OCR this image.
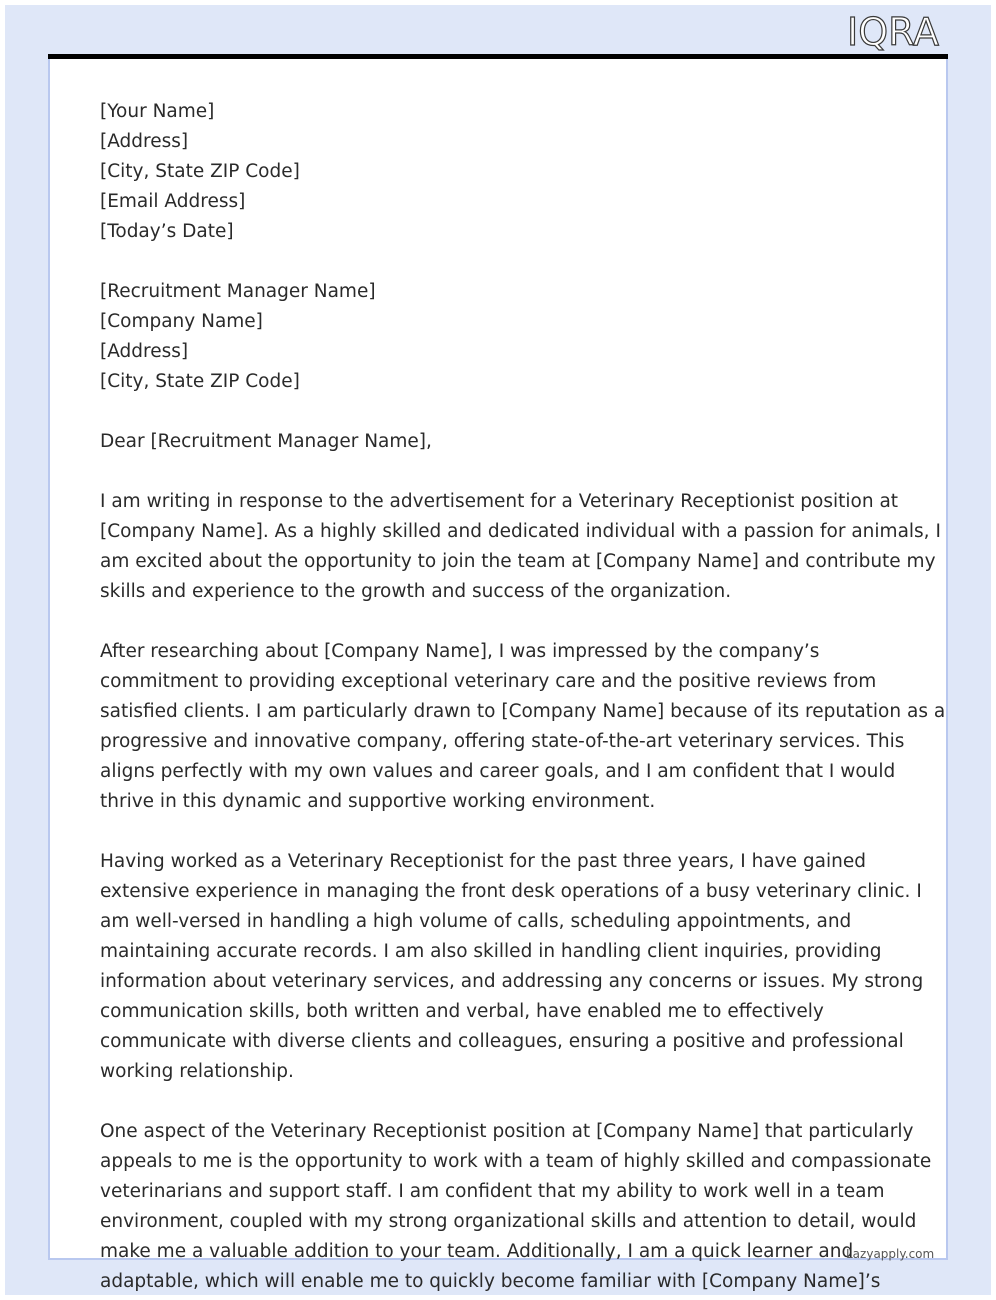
IQRA
[Your Name]
[Address]
[City, State ZIP Code]
[Email Address]
[Today’s Date]
[Recruitment Manager Name]
[Company Name]
[Address]
[City, State ZIP Code]
Dear [Recruitment Manager Name],
I am writing in response to the advertisement for a Veterinary Receptionist position at
[Company Name]. As a highly skilled and dedicated individual with a passion for animals, I
am excited about the opportunity to join the team at [Company Name] and contribute my
skills and experience to the growth and success of the organization.
After researching about [Company Name], I was impressed by the company’s
commitment to providing exceptional veterinary care and the positive reviews from
satisfied clients. I am particularly drawn to [Company Name] because of its reputation as a
progressive and innovative company, offering state-of-the-art veterinary services. This
aligns perfectly with my own values and career goals, and I am confident that I would
thrive in this dynamic and supportive working environment.
Having worked as a Veterinary Receptionist for the past three years, I have gained
extensive experience in managing the front desk operations of a busy veterinary clinic. I
am well-versed in handling a high volume of calls, scheduling appointments, and
maintaining accurate records. I am also skilled in handling client inquiries, providing
information about veterinary services, and addressing any concerns or issues. My strong
communication skills, both written and verbal, have enabled me to effectively
communicate with diverse clients and colleagues, ensuring a positive and professional
working relationship.
One aspect of the Veterinary Receptionist position at [Company Name] that particularly
appeals to me is the opportunity to work with a team of highly skilled and compassionate
veterinarians and support staff. I am confident that my ability to work well in a team
environment, coupled with my strong organizational skills and attention to detail, would
make me a valuable addition to your team. Additionally, I am a quick learner and
adaptable, which will enable me to quickly become familiar with [Company Name]’s
Lazyapply.com
